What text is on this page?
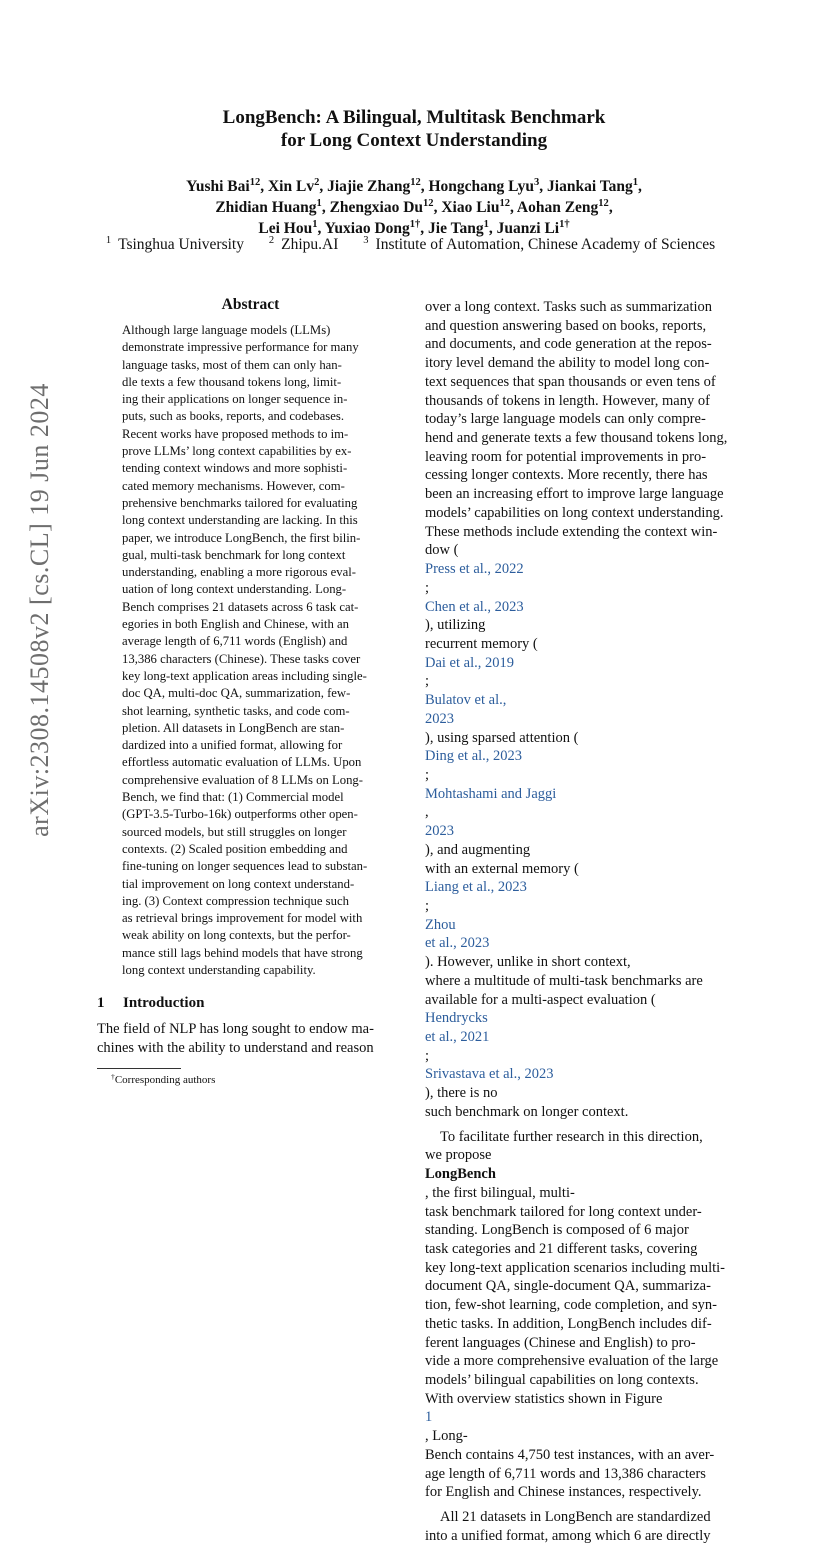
arXiv:2308.14508v2 [cs.CL] 19 Jun 2024
LongBench: A Bilingual, Multitask Benchmark
for Long Context Understanding
Yushi Bai$^{12}$, Xin Lv$^2$, Jiajie Zhang$^{12}$, Hongchang Lyu$^3$, Jiankai Tang$^1$,
Zhidian Huang$^1$, Zhengxiao Du$^{12}$, Xiao Liu$^{12}$, Aohan Zeng$^{12}$,
Lei Hou$^1$, Yuxiao Dong$^{1\dagger}$, Jie Tang$^1$, Juanzi $Li^{1\dagger}$
$^1$ Tsinghua University $^2$ Zhipu.AI $^3$ Institute of Automation, Chinese Academy of Sciences
Abstract
Although large language models (LLMs)
demonstrate impressive performance for many
language tasks, most of them can only han-
dle texts a few thousand tokens long, limit-
ing their applications on longer sequence in-
puts, such as books, reports, and codebases.
Recent works have proposed methods to im-
prove LLMs’ long context capabilities by ex-
tending context windows and more sophisti-
cated memory mechanisms. However, com-
prehensive benchmarks tailored for evaluating
long context understanding are lacking. In this
paper, we introduce LongBench, the first bilin-
gual, multi-task benchmark for long context
understanding, enabling a more rigorous eval-
uation of long context understanding. Long-
Bench comprises 21 datasets across 6 task cat-
egories in both English and Chinese, with an
average length of 6,711 words (English) and
13,386 characters (Chinese). These tasks cover
key long-text application areas including single-
doc QA, multi-doc QA, summarization, few-
shot learning, synthetic tasks, and code com-
pletion. All datasets in LongBench are stan-
dardized into a unified format, allowing for
effortless automatic evaluation of LLMs. Upon
comprehensive evaluation of 8 LLMs on Long-
Bench, we find that: (1) Commercial model
(GPT-3.5-Turbo-16k) outperforms other open-
sourced models, but still struggles on longer
contexts. (2) Scaled position embedding and
fine-tuning on longer sequences lead to substan-
tial improvement on long context understand-
ing. (3) Context compression technique such
as retrieval brings improvement for model with
weak ability on long contexts, but the perfor-
mance still lags behind models that have strong
long context understanding capability.
1 Introduction
The field of NLP has long sought to endow ma-
chines with the ability to understand and reason
†Corresponding authors
over a long context. Tasks such as summarization
and question answering based on books, reports,
and documents, and code generation at the repos-
itory level demand the ability to model long con-
text sequences that span thousands or even tens of
thousands of tokens in length. However, many of
today’s large language models can only compre-
hend and generate texts a few thousand tokens long,
leaving room for potential improvements in pro-
cessing longer contexts. More recently, there has
been an increasing effort to improve large language
models’ capabilities on long context understanding.
These methods include extending the context win-
dow (
Press et al., 2022
;
Chen et al., 2023
), utilizing
recurrent memory (
Dai et al., 2019
;
Bulatov et al.,
2023
), using sparsed attention (
Ding et al., 2023
;
Mohtashami and Jaggi
,
2023
), and augmenting
with an external memory (
Liang et al., 2023
;
Zhou
et al., 2023
). However, unlike in short context,
where a multitude of multi-task benchmarks are
available for a multi-aspect evaluation (
Hendrycks
et al., 2021
;
Srivastava et al., 2023
), there is no
such benchmark on longer context.
To facilitate further research in this direction,
we propose
LongBench
, the first bilingual, multi-
task benchmark tailored for long context under-
standing. LongBench is composed of 6 major
task categories and 21 different tasks, covering
key long-text application scenarios including multi-
document QA, single-document QA, summariza-
tion, few-shot learning, code completion, and syn-
thetic tasks. In addition, LongBench includes dif-
ferent languages (Chinese and English) to pro-
vide a more comprehensive evaluation of the large
models’ bilingual capabilities on long contexts.
With overview statistics shown in Figure
1
, Long-
Bench contains 4,750 test instances, with an aver-
age length of 6,711 words and 13,386 characters
for English and Chinese instances, respectively.
All 21 datasets in LongBench are standardized
into a unified format, among which 6 are directly
